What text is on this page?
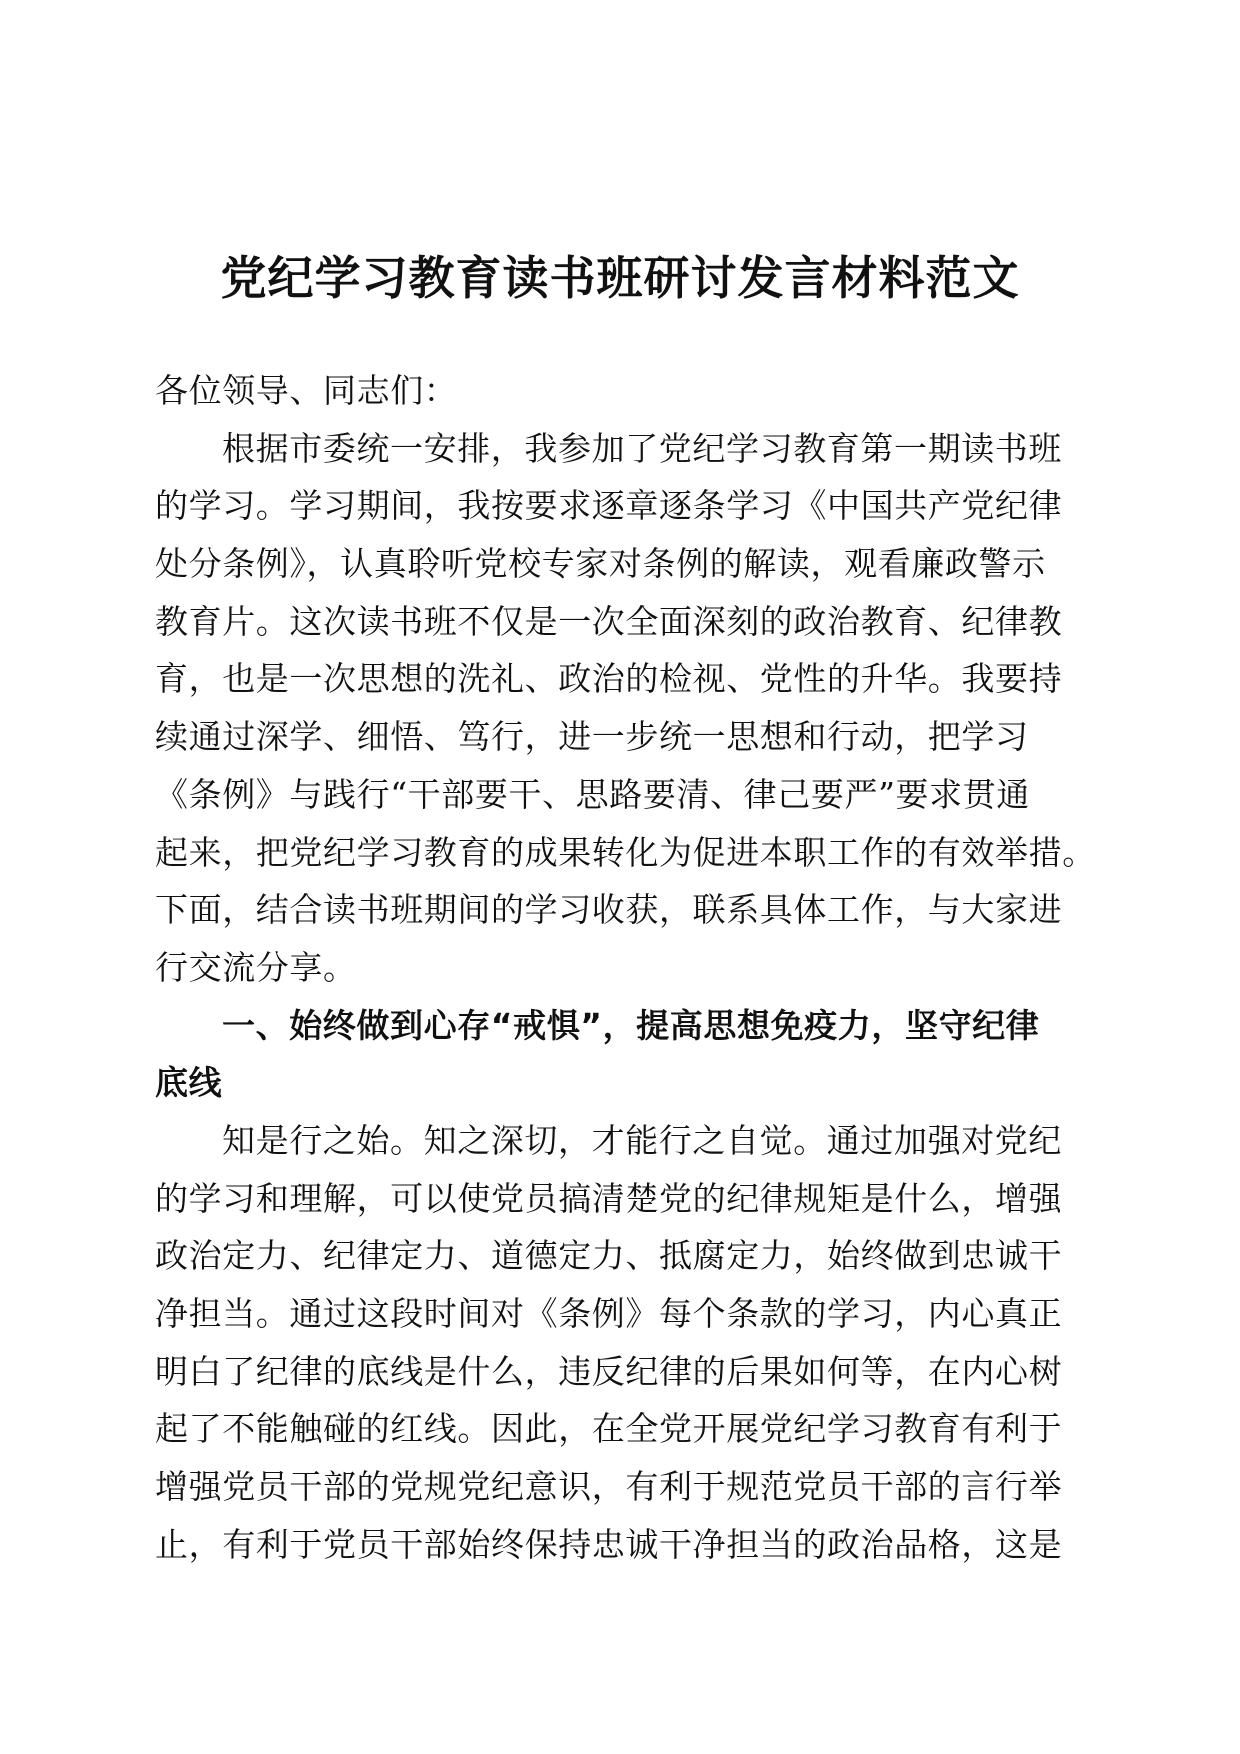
党纪学习教育读书班研讨发言材料范文
各位领导、同志们：
根据市委统一安排，我参加了党纪学习教育第一期读书班
的学习。学习期间，我按要求逐章逐条学习《中国共产党纪律
处分条例》，认真聆听党校专家对条例的解读，观看廉政警示
教育片。这次读书班不仅是一次全面深刻的政治教育、纪律教
育，也是一次思想的洗礼、政治的检视、党性的升华。我要持
续通过深学、细悟、笃行，进一步统一思想和行动，把学习
《条例》与践行“干部要干、思路要清、律己要严”要求贯通
起来，把党纪学习教育的成果转化为促进本职工作的有效举措。
下面，结合读书班期间的学习收获，联系具体工作，与大家进
行交流分享。
一、始终做到心存“戒惧”，提高思想免疫力，坚守纪律
底线
知是行之始。知之深切，才能行之自觉。通过加强对党纪
的学习和理解，可以使党员搞清楚党的纪律规矩是什么，增强
政治定力、纪律定力、道德定力、抵腐定力，始终做到忠诚干
净担当。通过这段时间对《条例》每个条款的学习，内心真正
明白了纪律的底线是什么，违反纪律的后果如何等，在内心树
起了不能触碰的红线。因此，在全党开展党纪学习教育有利于
增强党员干部的党规党纪意识，有利于规范党员干部的言行举
止，有利于党员干部始终保持忠诚干净担当的政治品格，这是
